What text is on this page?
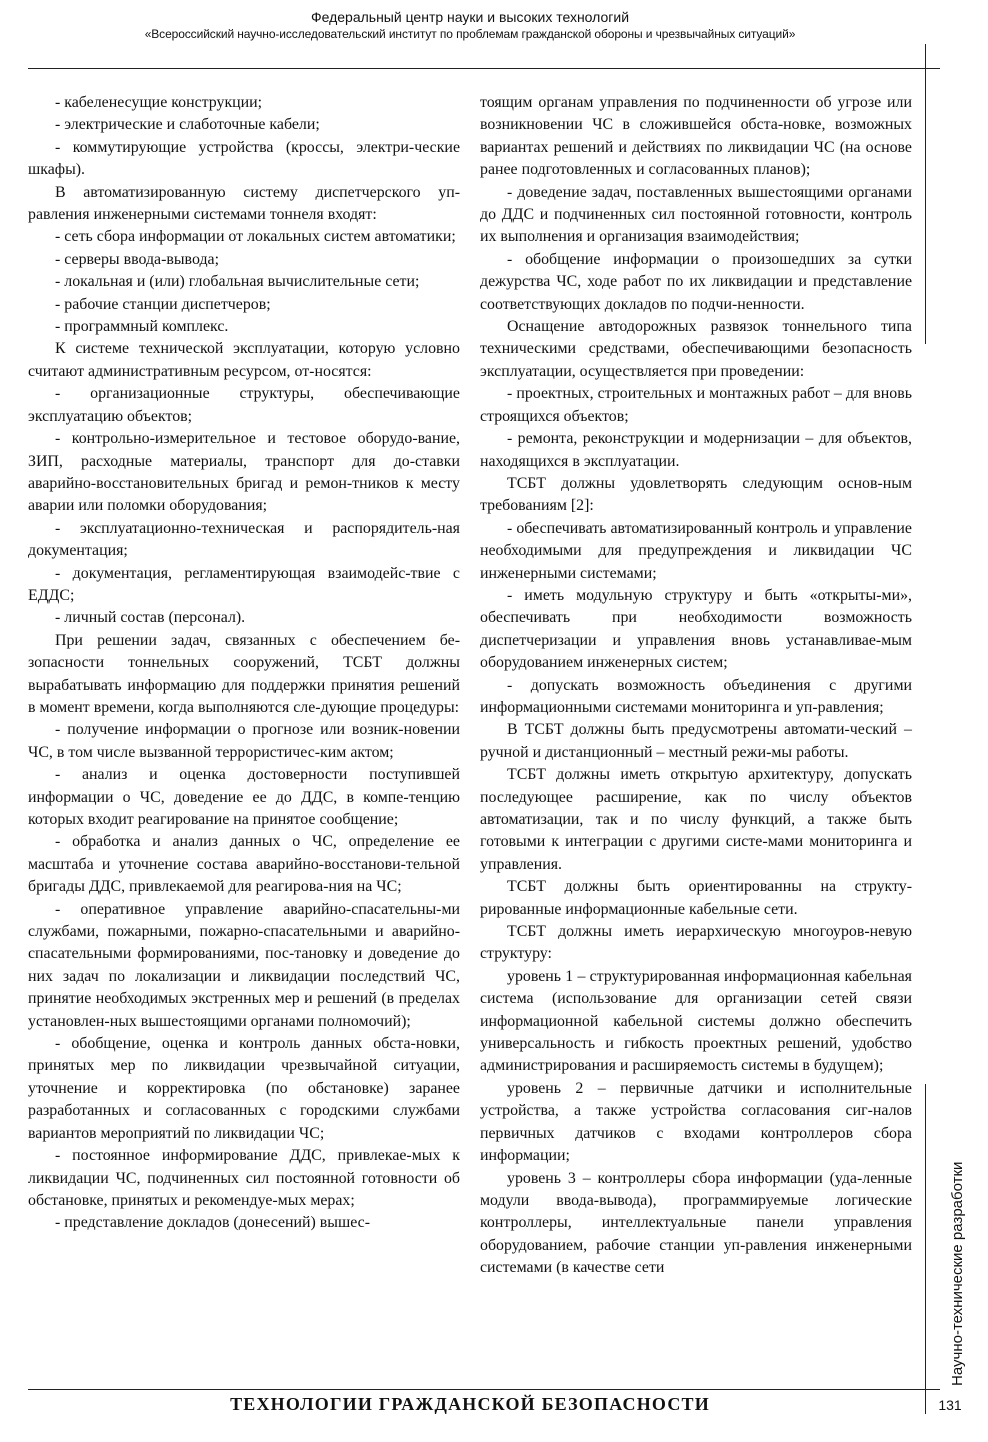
Федеральный центр науки и высоких технологий
«Всероссийский научно-исследовательский институт по проблемам гражданской обороны и чрезвычайных ситуаций»

- кабеленесущие конструкции;

- электрические и слаботочные кабели;

- коммутирующие устройства (кроссы, электри-ческие шкафы).

В автоматизированную систему диспетчерского уп-равления инженерными системами тоннеля входят:

- сеть сбора информации от локальных систем автоматики;

- серверы ввода-вывода;

- локальная и (или) глобальная вычислительные сети;

- рабочие станции диспетчеров;

- программный комплекс.

К системе технической эксплуатации, которую условно считают административным ресурсом, от-носятся:

- организационные структуры, обеспечивающие эксплуатацию объектов;

- контрольно-измерительное и тестовое оборудо-вание, ЗИП, расходные материалы, транспорт для до-ставки аварийно-восстановительных бригад и ремон-тников к месту аварии или поломки оборудования;

- эксплуатационно-техническая и распорядитель-ная документация;

- документация, регламентирующая взаимодейс-твие с ЕДДС;

- личный состав (персонал).

При решении задач, связанных с обеспечением бе-зопасности тоннельных сооружений, ТСБТ должны вырабатывать информацию для поддержки принятия решений в момент времени, когда выполняются сле-дующие процедуры:

- получение информации о прогнозе или возник-новении ЧС, в том числе вызванной террористичес-ким актом;

- анализ и оценка достоверности поступившей информации о ЧС, доведение ее до ДДС, в компе-тенцию которых входит реагирование на принятое сообщение;

- обработка и анализ данных о ЧС, определение ее масштаба и уточнение состава аварийно-восстанови-тельной бригады ДДС, привлекаемой для реагирова-ния на ЧС;

- оперативное управление аварийно-спасательны-ми службами, пожарными, пожарно-спасательными и аварийно-спасательными формированиями, пос-тановку и доведение до них задач по локализации и ликвидации последствий ЧС, принятие необходимых экстренных мер и решений (в пределах установлен-ных вышестоящими органами полномочий);

- обобщение, оценка и контроль данных обста-новки, принятых мер по ликвидации чрезвычайной ситуации, уточнение и корректировка (по обстановке) заранее разработанных и согласованных с городскими службами вариантов мероприятий по ликвидации ЧС;

- постоянное информирование ДДС, привлекае-мых к ликвидации ЧС, подчиненных сил постоянной готовности об обстановке, принятых и рекомендуе-мых мерах;

- представление докладов (донесений) вышес-

тоящим органам управления по подчиненности об угрозе или возникновении ЧС в сложившейся обста-новке, возможных вариантах решений и действиях по ликвидации ЧС (на основе ранее подготовленных и согласованных планов);

- доведение задач, поставленных вышестоящими органами до ДДС и подчиненных сил постоянной готовности, контроль их выполнения и организация взаимодействия;

- обобщение информации о произошедших за сутки дежурства ЧС, ходе работ по их ликвидации и представление соответствующих докладов по подчи-ненности.

Оснащение автодорожных развязок тоннельного типа техническими средствами, обеспечивающими безопасность эксплуатации, осуществляется при проведении:

- проектных, строительных и монтажных работ – для вновь строящихся объектов;

- ремонта, реконструкции и модернизации – для объектов, находящихся в эксплуатации.

ТСБТ должны удовлетворять следующим основ-ным требованиям [2]:

- обеспечивать автоматизированный контроль и управление необходимыми для предупреждения и ликвидации ЧС инженерными системами;

- иметь модульную структуру и быть «открыты-ми», обеспечивать при необходимости возможность диспетчеризации и управления вновь устанавливае-мым оборудованием инженерных систем;

- допускать возможность объединения с другими информационными системами мониторинга и уп-равления;

В ТСБТ должны быть предусмотрены автомати-ческий – ручной и дистанционный – местный режи-мы работы.

ТСБТ должны иметь открытую архитектуру, допускать последующее расширение, как по числу объектов автоматизации, так и по числу функций, а также быть готовыми к интеграции с другими систе-мами мониторинга и управления.

ТСБТ должны быть ориентированны на структу-рированные информационные кабельные сети.

ТСБТ должны иметь иерархическую многоуров-невую структуру:

уровень 1 – структурированная информационная кабельная система (использование для организации сетей связи информационной кабельной системы должно обеспечить универсальность и гибкость проектных решений, удобство администрирования и расширяемость системы в будущем);

уровень 2 – первичные датчики и исполнительные устройства, а также устройства согласования сиг-налов первичных датчиков с входами контроллеров сбора информации;

уровень 3 – контроллеры сбора информации (уда-ленные модули ввода-вывода), программируемые логические контроллеры, интеллектуальные панели управления оборудованием, рабочие станции уп-равления инженерными системами (в качестве сети

ТЕХНОЛОГИИ ГРАЖДАНСКОЙ БЕЗОПАСНОСТИ	131
Научно-технические разработки
